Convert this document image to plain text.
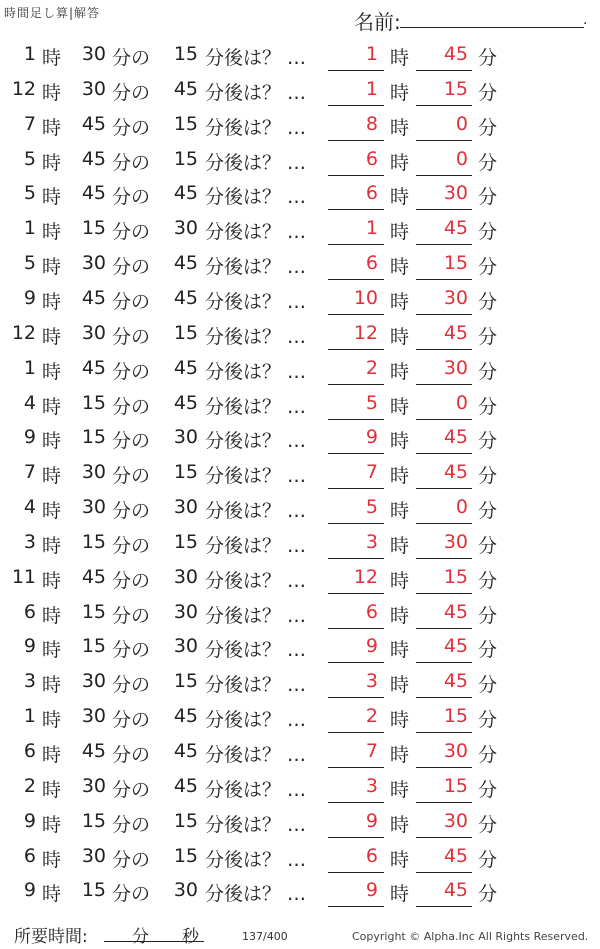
時間足し算|解答	名前:	.
1 時	30 分の	15 分後は？ …	1 時	45 分
12 時	30 分の	45 分後は？ …	1 時	15 分
7 時	45 分の	15 分後は？ …	8 時	0 分
5 時	45 分の	15 分後は？ …	6 時	0 分
5 時	45 分の	45 分後は？ …	6 時	30 分
1 時	15 分の	30 分後は？ …	1 時	45 分
5 時	30 分の	45 分後は？ …	6 時	15 分
9 時	45 分の	45 分後は？ …	10 時	30 分
12 時	30 分の	15 分後は？ …	12 時	45 分
1 時	45 分の	45 分後は？ …	2 時	30 分
4 時	15 分の	45 分後は？ …	5 時	0 分
9 時	15 分の	30 分後は？ …	9 時	45 分
7 時	30 分の	15 分後は？ …	7 時	45 分
4 時	30 分の	30 分後は？ …	5 時	0 分
3 時	15 分の	15 分後は？ …	3 時	30 分
11 時	45 分の	30 分後は？ …	12 時	15 分
6 時	15 分の	30 分後は？ …	6 時	45 分
9 時	15 分の	30 分後は？ …	9 時	45 分
3 時	30 分の	15 分後は？ …	3 時	45 分
1 時	30 分の	45 分後は？ …	2 時	15 分
6 時	45 分の	45 分後は？ …	7 時	30 分
2 時	30 分の	45 分後は？ …	3 時	15 分
9 時	15 分の	15 分後は？ …	9 時	30 分
6 時	30 分の	15 分後は？ …	6 時	45 分
9 時	15 分の	30 分後は？ …	9 時	45 分
所要時間:	分 秒	137/400	Copyright © Alpha.Inc All Rights Reserved.
